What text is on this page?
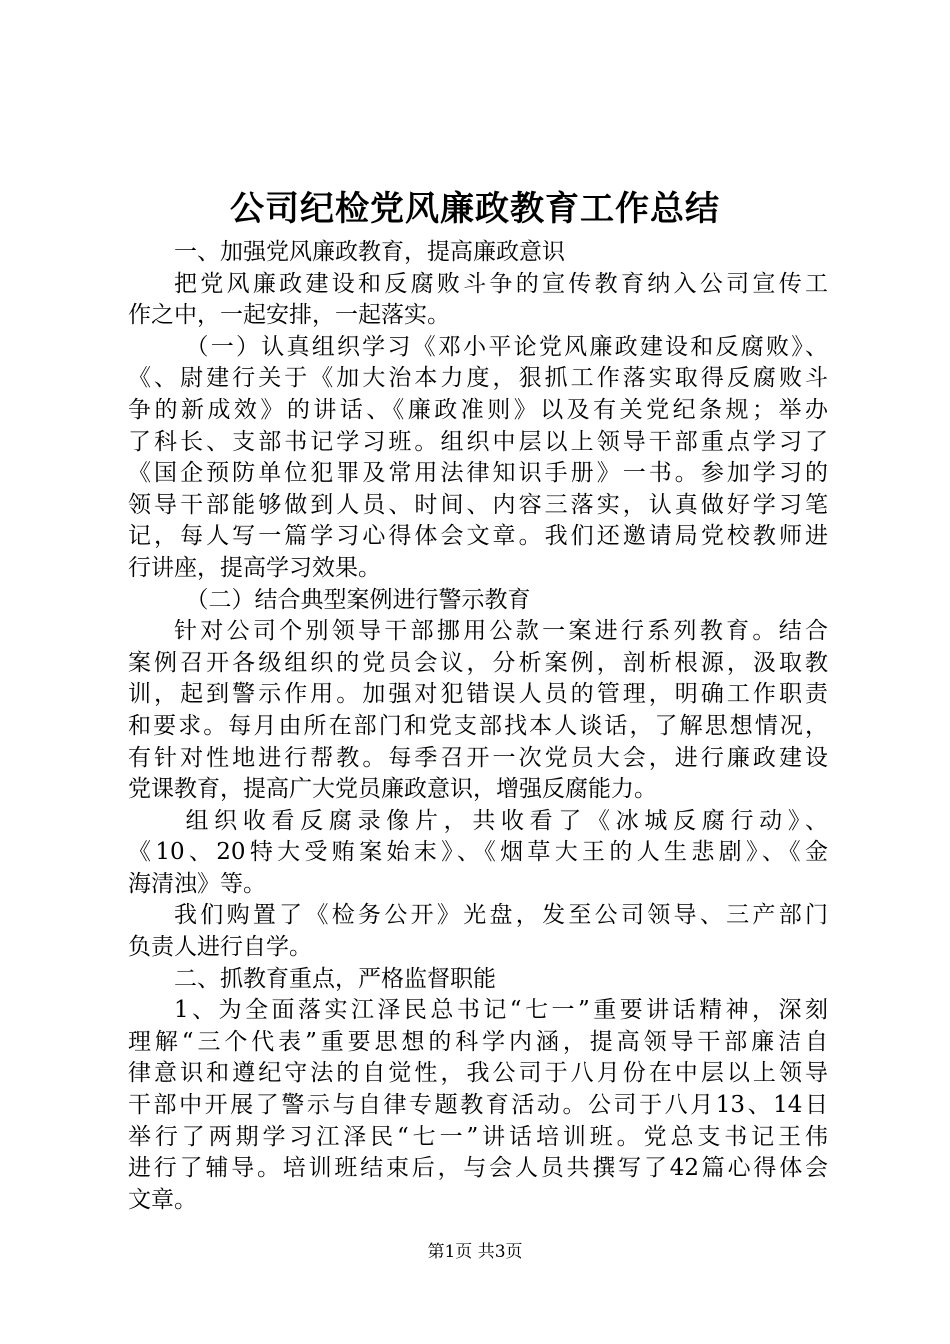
公司纪检党风廉政教育工作总结
一、加强党风廉政教育，提高廉政意识
把党风廉政建设和反腐败斗争的宣传教育纳入公司宣传工
作之中，一起安排，一起落实。
（一）认真组织学习《邓小平论党风廉政建设和反腐败》、
《、尉建行关于《加大治本力度，狠抓工作落实取得反腐败斗
争的新成效》的讲话、《廉政准则》以及有关党纪条规；举办
了科长、支部书记学习班。组织中层以上领导干部重点学习了
《国企预防单位犯罪及常用法律知识手册》一书。参加学习的
领导干部能够做到人员、时间、内容三落实，认真做好学习笔
记，每人写一篇学习心得体会文章。我们还邀请局党校教师进
行讲座，提高学习效果。
（二）结合典型案例进行警示教育
针对公司个别领导干部挪用公款一案进行系列教育。结合
案例召开各级组织的党员会议，分析案例，剖析根源，汲取教
训，起到警示作用。加强对犯错误人员的管理，明确工作职责
和要求。每月由所在部门和党支部找本人谈话，了解思想情况，
有针对性地进行帮教。每季召开一次党员大会，进行廉政建设
党课教育，提高广大党员廉政意识，增强反腐能力。
组织收看反腐录像片，共收看了《冰城反腐行动》、
《10、20特大受贿案始末》、《烟草大王的人生悲剧》、《金
海清浊》等。
我们购置了《检务公开》光盘，发至公司领导、三产部门
负责人进行自学。
二、抓教育重点，严格监督职能
1、为全面落实江泽民总书记“七一”重要讲话精神，深刻
理解“三个代表”重要思想的科学内涵，提高领导干部廉洁自
律意识和遵纪守法的自觉性，我公司于八月份在中层以上领导
干部中开展了警示与自律专题教育活动。公司于八月13、14日
举行了两期学习江泽民“七一”讲话培训班。党总支书记王伟
进行了辅导。培训班结束后，与会人员共撰写了42篇心得体会
文章。
第1页 共3页
